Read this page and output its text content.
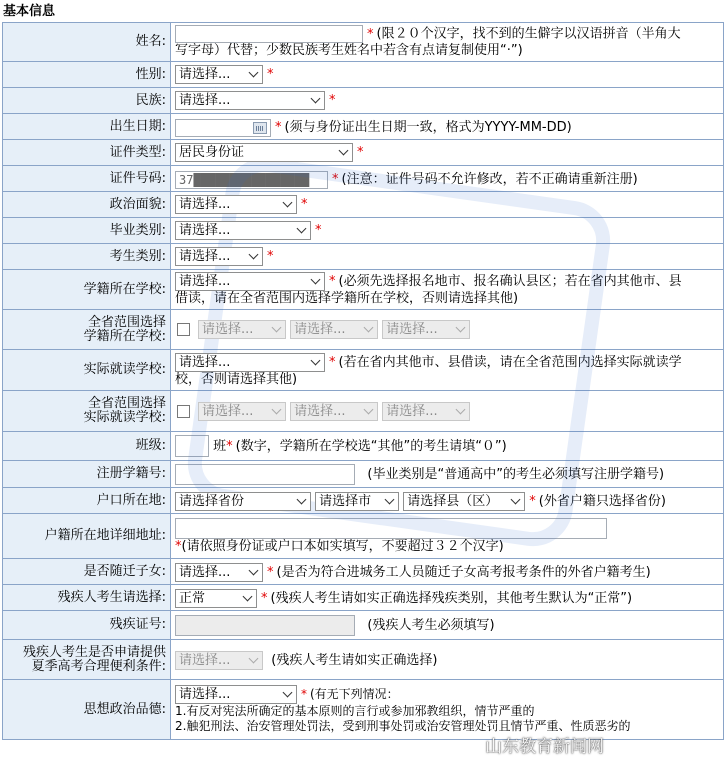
基本信息
姓名:	* (限２０个汉字，找不到的生僻字以汉语拼音（半角大
写字母）代替；少数民族考生姓名中若含有点请复制使用“·”)
性别:	请选择... *
民族:	请选择... *
出生日期:	* (须与身份证出生日期一致，格式为YYYY-MM-DD)
证件类型:	居民身份证 *
证件号码:	37████████████████* (注意：证件号码不允许修改，若不正确请重新注册)
政治面貌:	请选择... *
毕业类别:	请选择... *
考生类别:	请选择... *
学籍所在学校:	请选择... * (必须先选择报名地市、报名确认县区；若在省内其他市、县
借读，请在全省范围内选择学籍所在学校，否则请选择其他)
全省范围选择
学籍所在学校:	请选择... 请选择... 请选择...

实际就读学校:	请选择... * (若在省内其他市、县借读，请在全省范围内选择实际就读学
校，否则请选择其他)
全省范围选择
实际就读学校:	请选择... 请选择... 请选择...

班级:	班* (数字，学籍所在学校选“其他”的考生请填“０”)
注册学籍号:	(毕业类别是“普通高中”的考生必须填写注册学籍号)
户口所在地:	请选择省份 请选择市 请选择县（区） * (外省户籍只选择省份)
户籍所在地详细地址:	*(请依照身份证或户口本如实填写，不要超过３２个汉字)
是否随迁子女:	请选择... * (是否为符合进城务工人员随迁子女高考报考条件的外省户籍考生)
残疾人考生请选择:	正常 * (残疾人考生请如实正确选择残疾类别，其他考生默认为“正常”)
残疾证号:	(残疾人考生必须填写)
残疾人考生是否申请提供
夏季高考合理便利条件:	请选择... (残疾人考生请如实正确选择)
思想政治品德:	请选择... * (有无下列情况：
1.有反对宪法所确定的基本原则的言行或参加邪教组织，情节严重的
2.触犯刑法、治安管理处罚法，受到刑事处罚或治安管理处罚且情节严重、性质恶劣的
山东教育新闻网
